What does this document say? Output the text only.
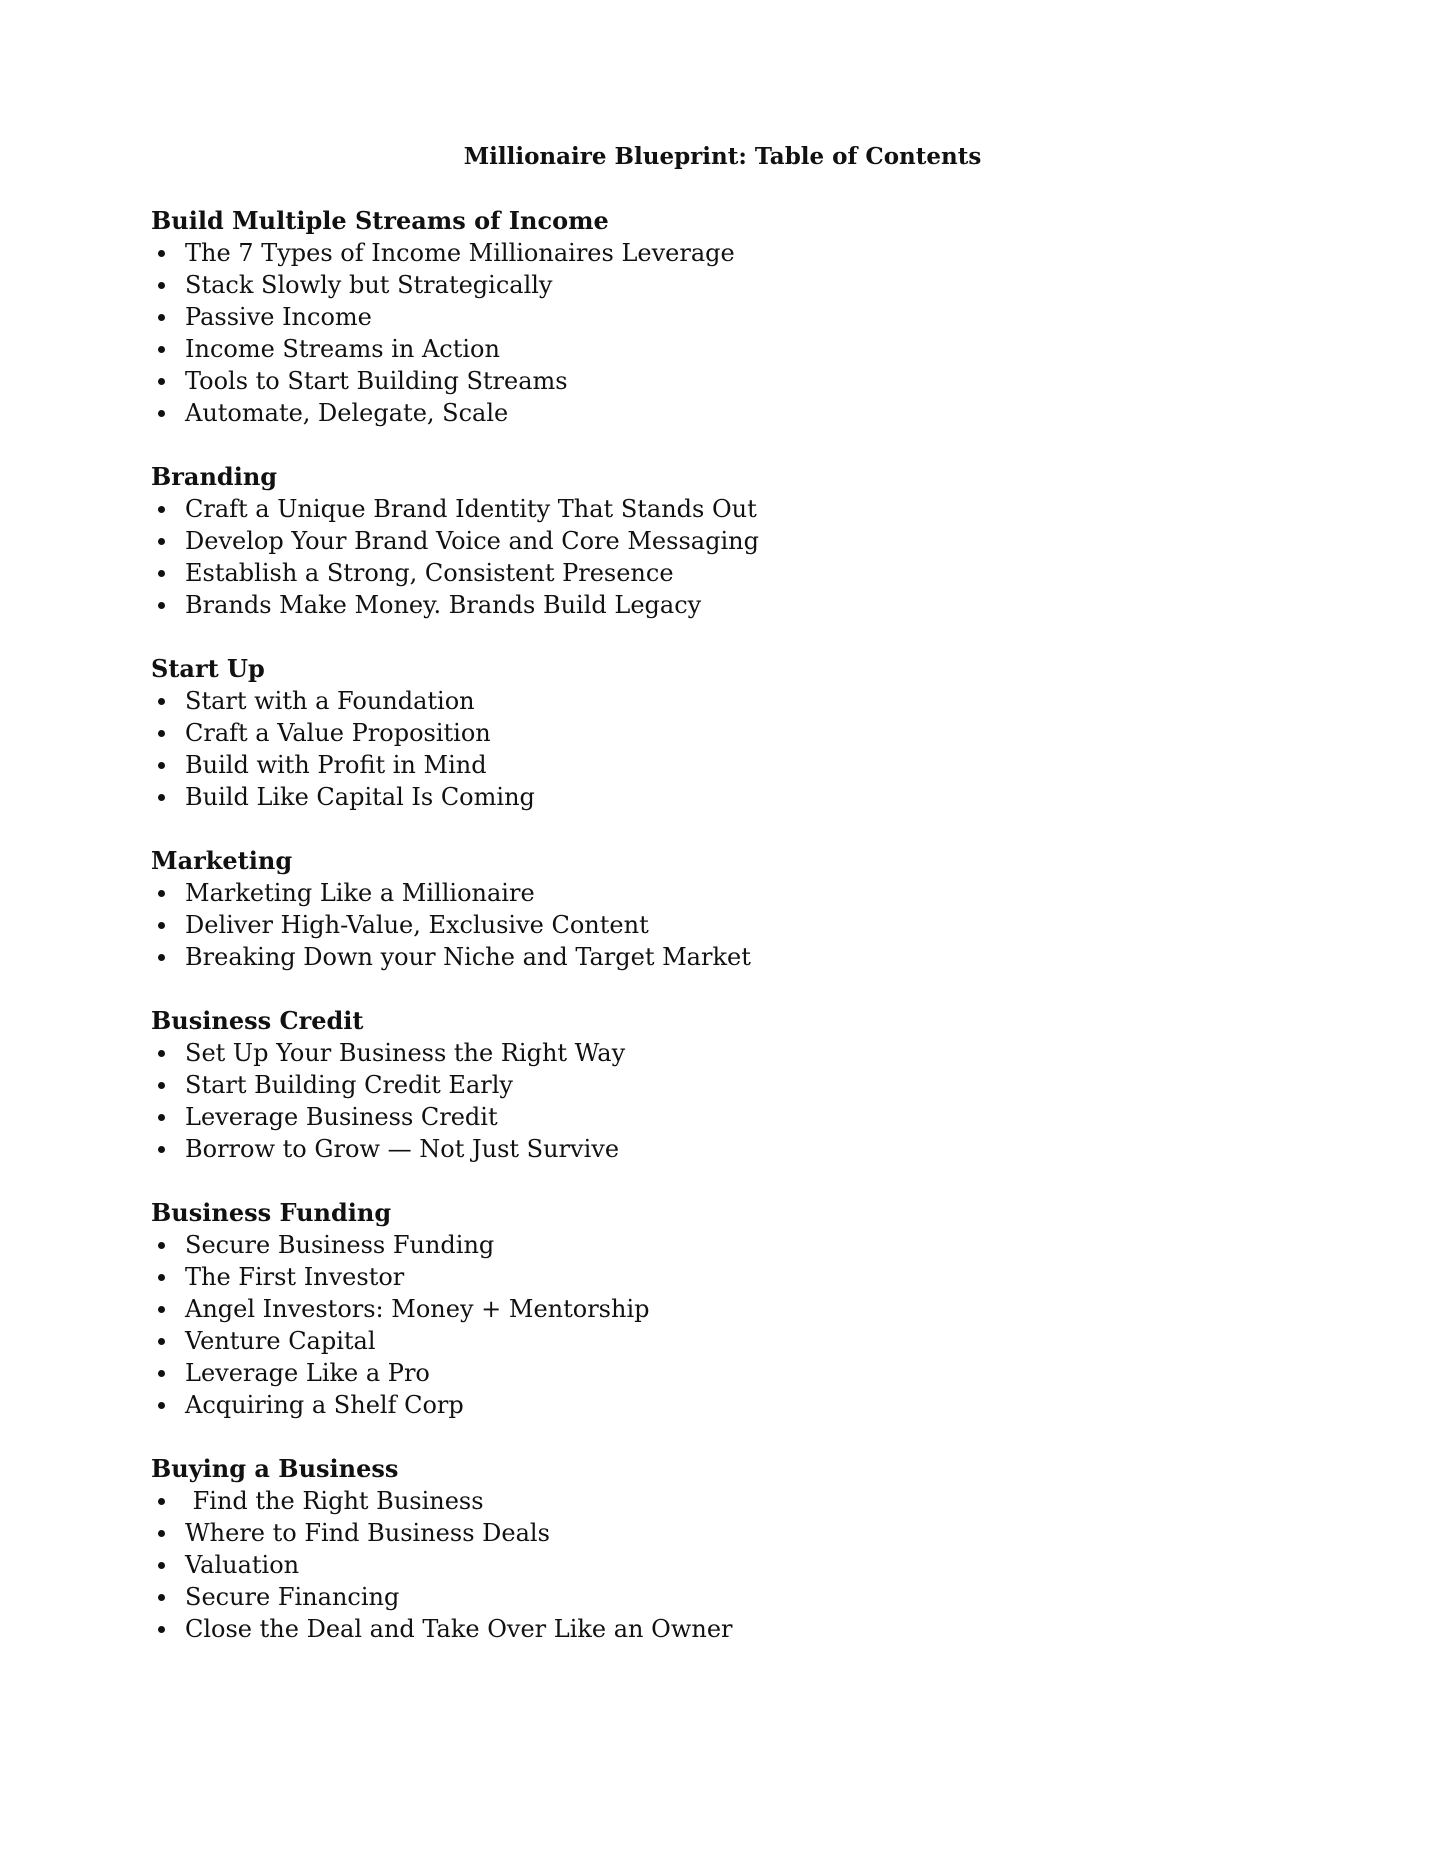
Millionaire Blueprint: Table of Contents
Build Multiple Streams of Income
The 7 Types of Income Millionaires Leverage
Stack Slowly but Strategically
Passive Income
Income Streams in Action
Tools to Start Building Streams
Automate, Delegate, Scale
Branding
Craft a Unique Brand Identity That Stands Out
Develop Your Brand Voice and Core Messaging
Establish a Strong, Consistent Presence
Brands Make Money. Brands Build Legacy
Start Up
Start with a Foundation
Craft a Value Proposition
Build with Profit in Mind
Build Like Capital Is Coming
Marketing
Marketing Like a Millionaire
Deliver High-Value, Exclusive Content
Breaking Down your Niche and Target Market
Business Credit
Set Up Your Business the Right Way
Start Building Credit Early
Leverage Business Credit
Borrow to Grow — Not Just Survive
Business Funding
Secure Business Funding
The First Investor
Angel Investors: Money + Mentorship
Venture Capital
Leverage Like a Pro
Acquiring a Shelf Corp
Buying a Business
Find the Right Business
Where to Find Business Deals
Valuation
Secure Financing
Close the Deal and Take Over Like an Owner
